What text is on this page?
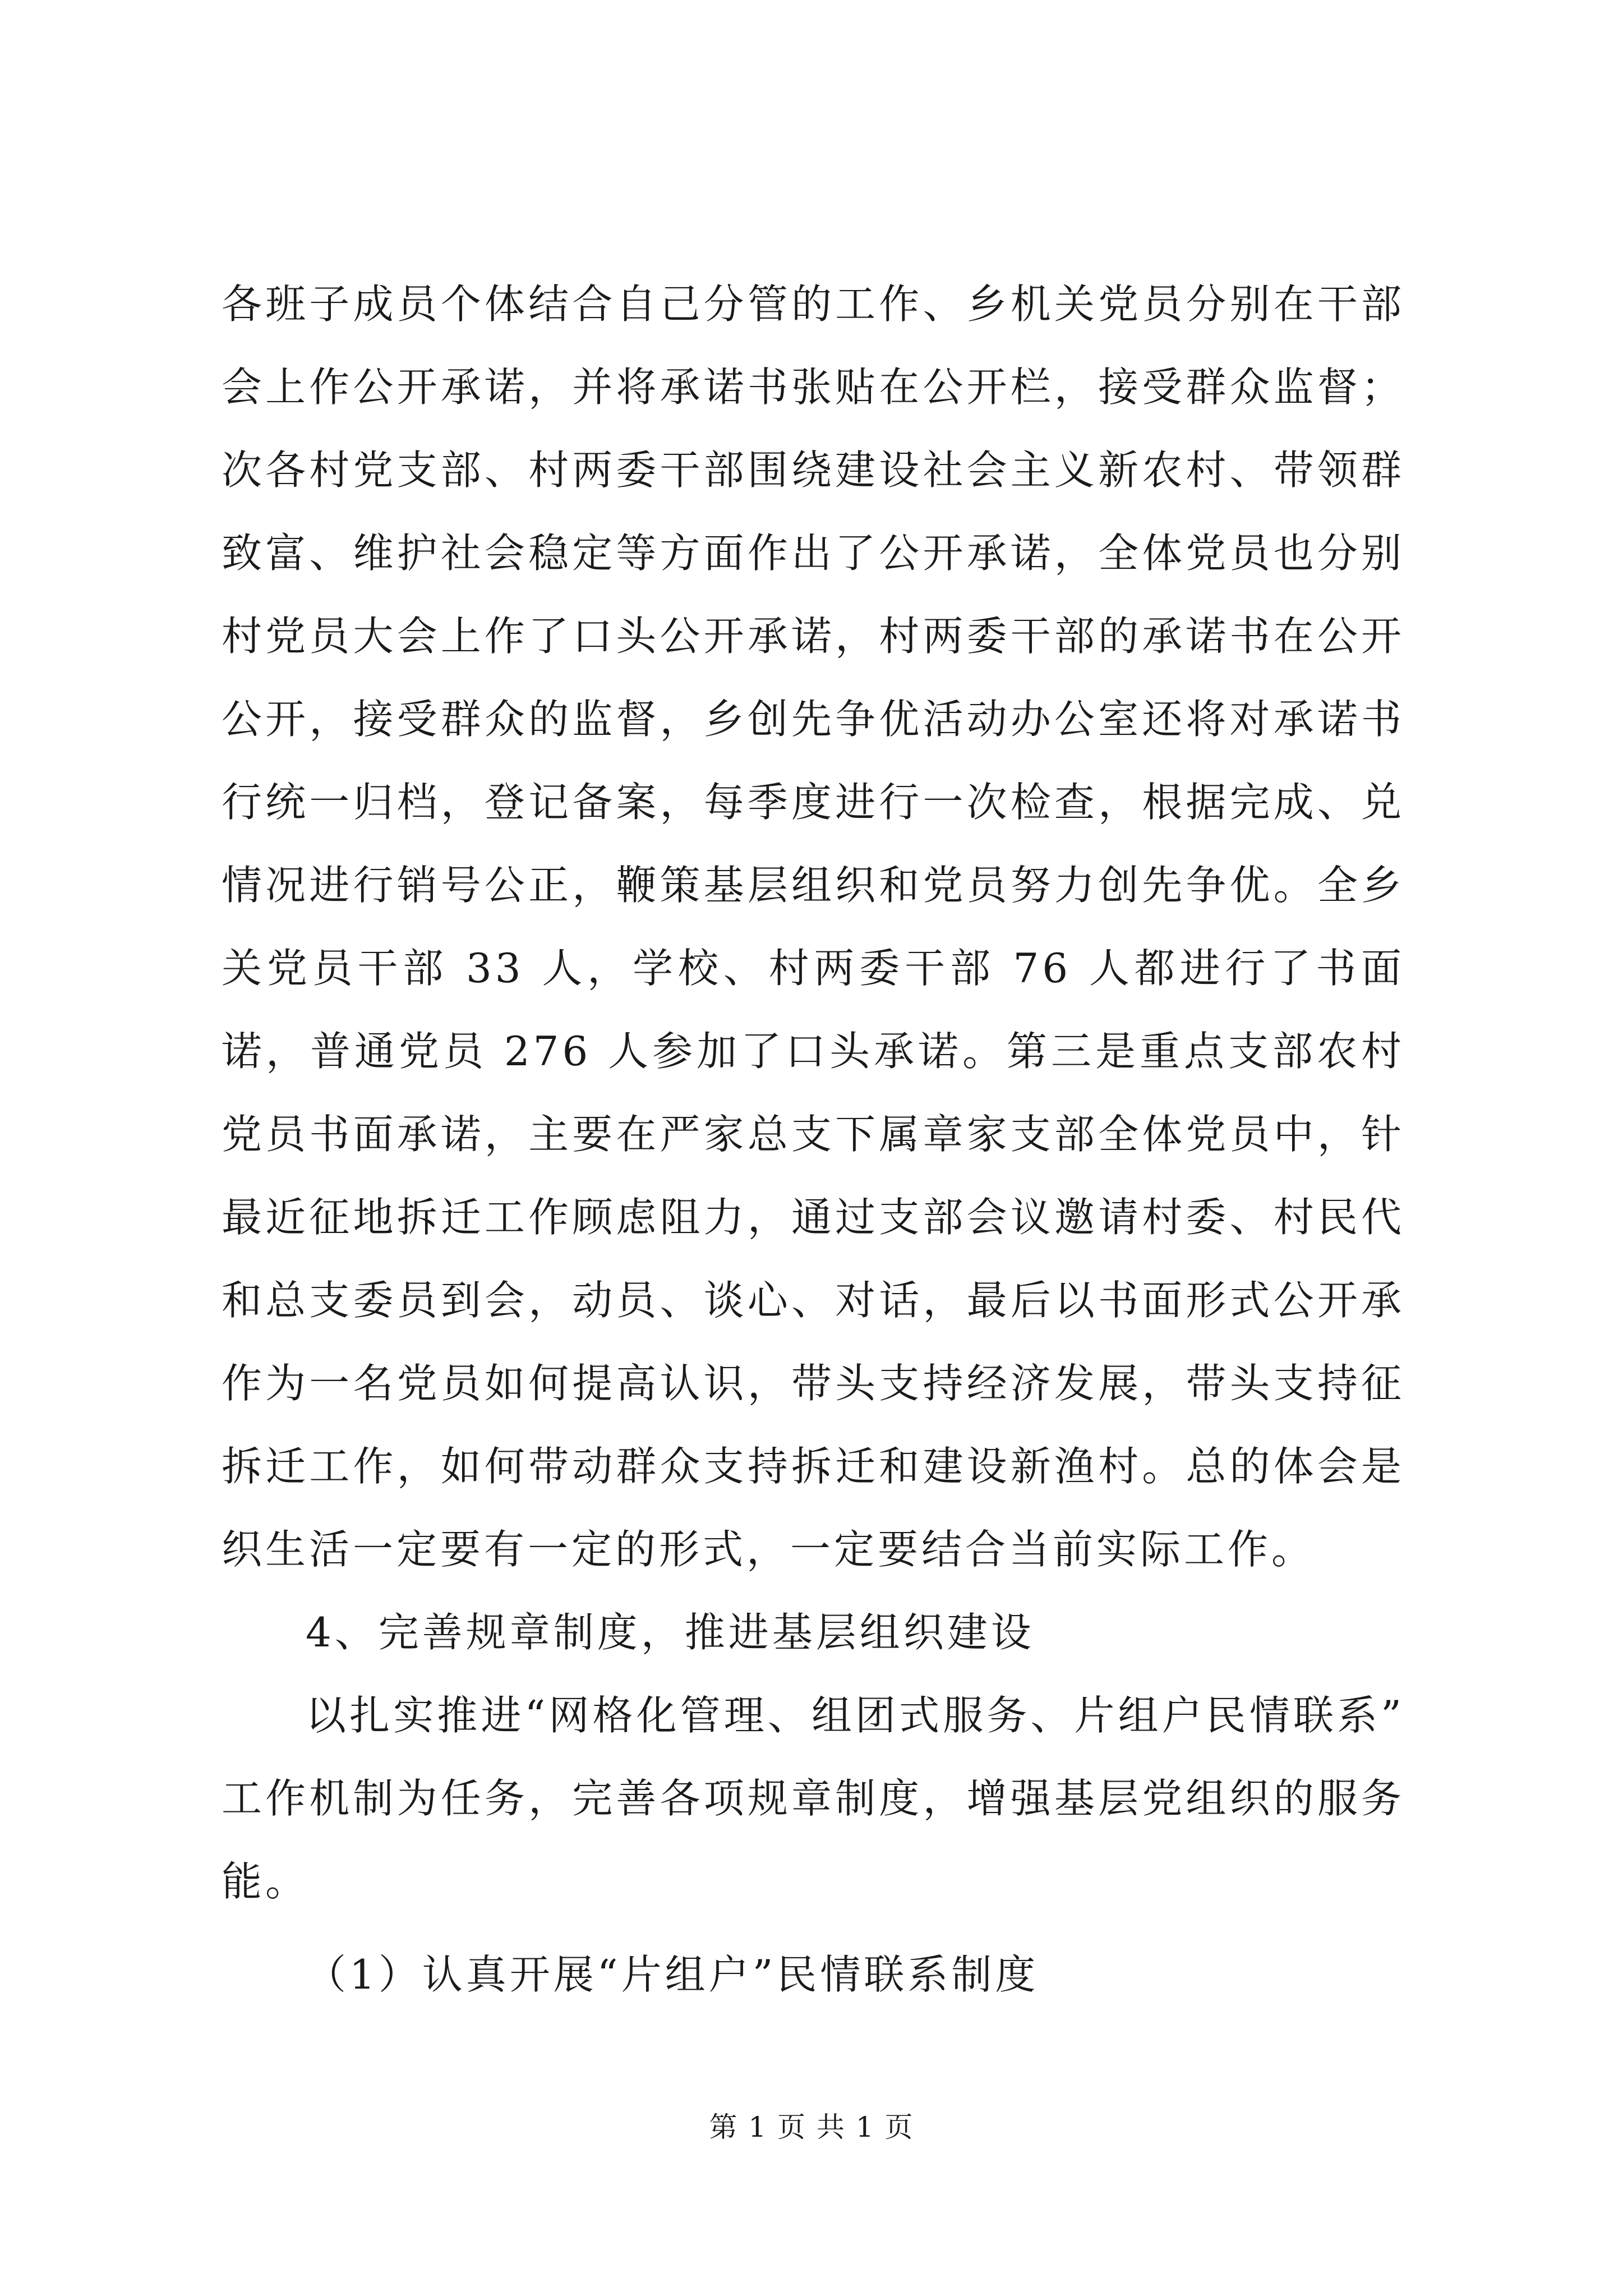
各班子成员个体结合自己分管的工作、乡机关党员分别在干部
会上作公开承诺，并将承诺书张贴在公开栏，接受群众监督；
次各村党支部、村两委干部围绕建设社会主义新农村、带领群
致富、维护社会稳定等方面作出了公开承诺，全体党员也分别
村党员大会上作了口头公开承诺，村两委干部的承诺书在公开
公开，接受群众的监督，乡创先争优活动办公室还将对承诺书
行统一归档，登记备案，每季度进行一次检查，根据完成、兑
情况进行销号公正，鞭策基层组织和党员努力创先争优。全乡
关党员干部 33 人，学校、村两委干部 76 人都进行了书面
诺，普通党员 276 人参加了口头承诺。第三是重点支部农村
党员书面承诺，主要在严家总支下属章家支部全体党员中，针
最近征地拆迁工作顾虑阻力，通过支部会议邀请村委、村民代
和总支委员到会，动员、谈心、对话，最后以书面形式公开承
作为一名党员如何提高认识，带头支持经济发展，带头支持征
拆迁工作，如何带动群众支持拆迁和建设新渔村。总的体会是
织生活一定要有一定的形式，一定要结合当前实际工作。
4、完善规章制度，推进基层组织建设
以扎实推进“网格化管理、组团式服务、片组户民情联系”
工作机制为任务，完善各项规章制度，增强基层党组织的服务
能。
（1）认真开展“片组户”民情联系制度
第 1 页 共 1 页
